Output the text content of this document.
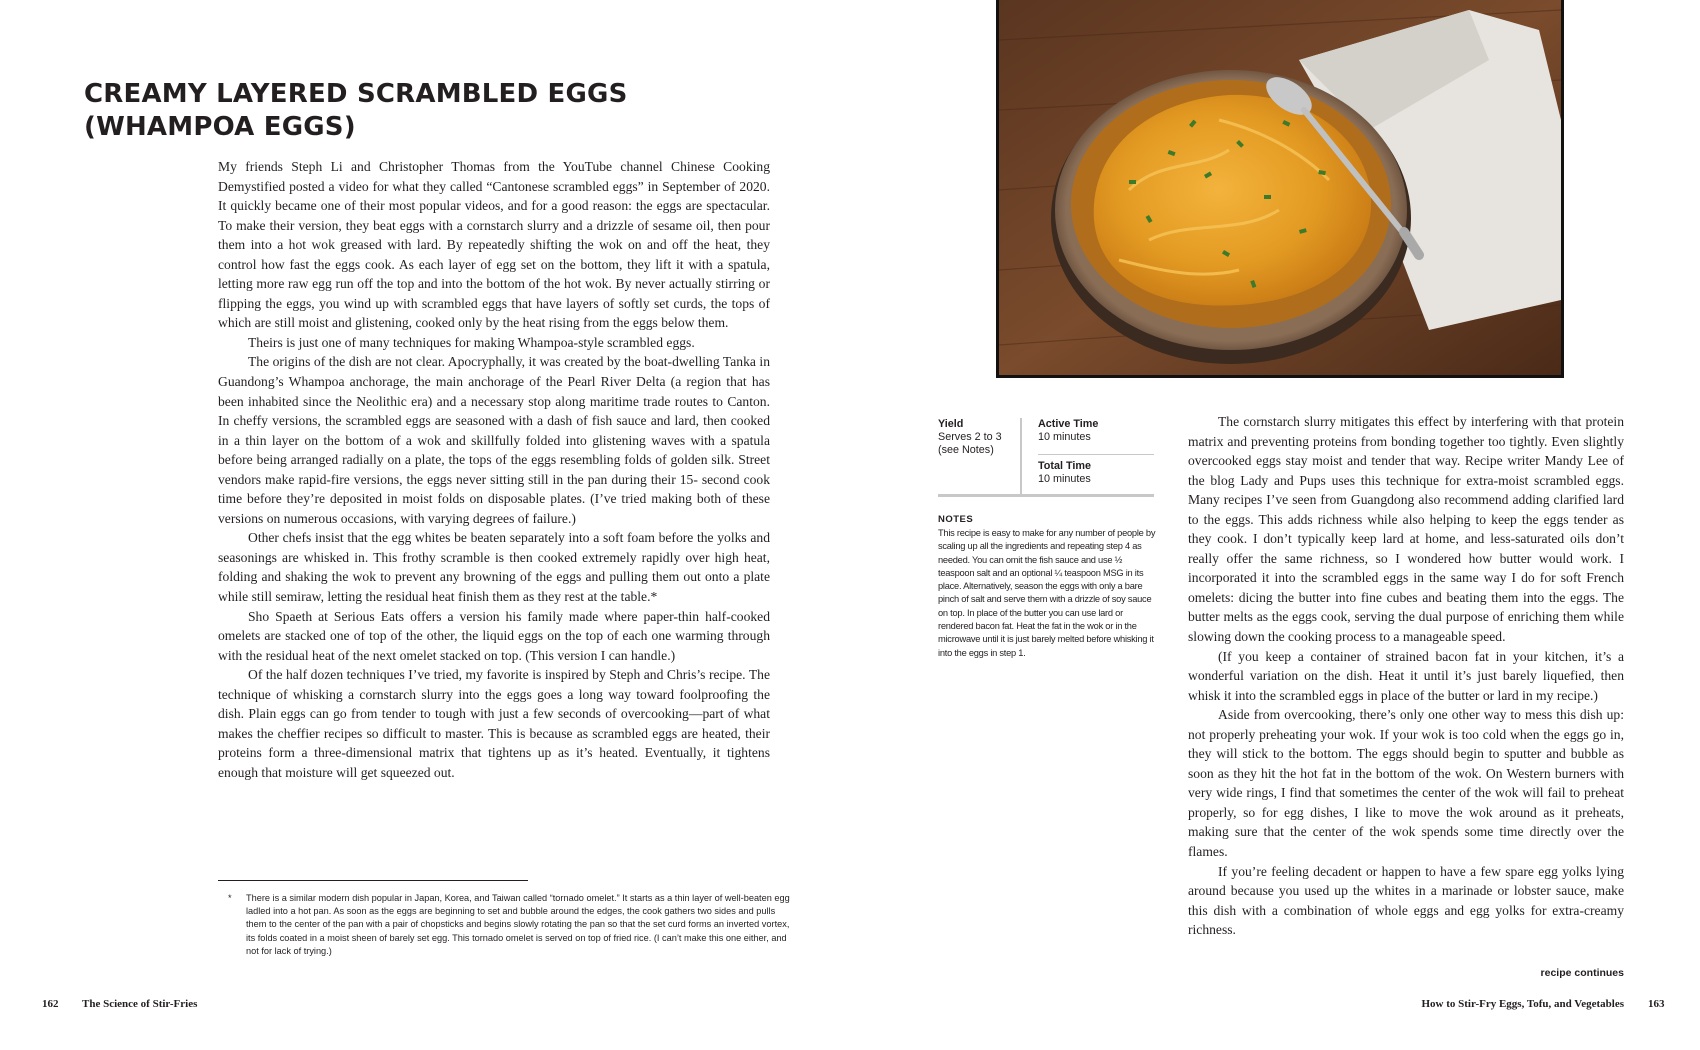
CREAMY LAYERED SCRAMBLED EGGS (WHAMPOA EGGS)

My friends Steph Li and Christopher Thomas from the YouTube channel Chinese Cooking Demystified posted a video for what they called “Cantonese scrambled eggs” in September of 2020. It quickly became one of their most popular videos, and for a good reason: the eggs are spectacular. To make their version, they beat eggs with a cornstarch slurry and a drizzle of sesame oil, then pour them into a hot wok greased with lard. By repeatedly shifting the wok on and off the heat, they control how fast the eggs cook. As each layer of egg set on the bottom, they lift it with a spatula, letting more raw egg run off the top and into the bottom of the hot wok. By never actually stirring or flipping the eggs, you wind up with scrambled eggs that have layers of softly set curds, the tops of which are still moist and glistening, cooked only by the heat rising from the eggs below them.

Theirs is just one of many techniques for making Whampoa-style scrambled eggs.

The origins of the dish are not clear. Apocryphally, it was created by the boat-dwelling Tanka in Guandong’s Whampoa anchorage, the main anchorage of the Pearl River Delta (a region that has been inhabited since the Neolithic era) and a necessary stop along maritime trade routes to Canton. In cheffy versions, the scrambled eggs are seasoned with a dash of fish sauce and lard, then cooked in a thin layer on the bottom of a wok and skillfully folded into glistening waves with a spatula before being arranged radially on a plate, the tops of the eggs resembling folds of golden silk. Street vendors make rapid-fire versions, the eggs never sitting still in the pan during their 15- second cook time before they’re deposited in moist folds on disposable plates. (I’ve tried making both of these versions on numerous occasions, with varying degrees of failure.)

Other chefs insist that the egg whites be beaten separately into a soft foam before the yolks and seasonings are whisked in. This frothy scramble is then cooked extremely rapidly over high heat, folding and shaking the wok to prevent any browning of the eggs and pulling them out onto a plate while still semiraw, letting the residual heat finish them as they rest at the table.*

Sho Spaeth at Serious Eats offers a version his family made where paper-thin half-cooked omelets are stacked one of top of the other, the liquid eggs on the top of each one warming through with the residual heat of the next omelet stacked on top. (This version I can handle.)

Of the half dozen techniques I’ve tried, my favorite is inspired by Steph and Chris’s recipe. The technique of whisking a cornstarch slurry into the eggs goes a long way toward foolproofing the dish. Plain eggs can go from tender to tough with just a few seconds of overcooking—part of what makes the cheffier recipes so difficult to master. This is because as scrambled eggs are heated, their proteins form a three-dimensional matrix that tightens up as it’s heated. Eventually, it tightens enough that moisture will get squeezed out.

* There is a similar modern dish popular in Japan, Korea, and Taiwan called “tornado omelet.” It starts as a thin layer of well-beaten egg ladled into a hot pan. As soon as the eggs are beginning to set and bubble around the edges, the cook gathers two sides and pulls them to the center of the pan with a pair of chopsticks and begins slowly rotating the pan so that the set curd forms an inverted vortex, its folds coated in a moist sheen of barely set egg. This tornado omelet is served on top of fried rice. (I can’t make this one either, and not for lack of trying.)

Yield
Serves 2 to 3 (see Notes)
Active Time
10 minutes
Total Time
10 minutes
NOTES

This recipe is easy to make for any number of people by scaling up all the ingredients and repeating step 4 as needed. You can omit the fish sauce and use ½ teaspoon salt and an optional ¼ teaspoon MSG in its place. Alternatively, season the eggs with only a bare pinch of salt and serve them with a drizzle of soy sauce on top. In place of the butter you can use lard or rendered bacon fat. Heat the fat in the wok or in the microwave until it is just barely melted before whisking it into the eggs in step 1.

The cornstarch slurry mitigates this effect by interfering with that protein matrix and preventing proteins from bonding together too tightly. Even slightly overcooked eggs stay moist and tender that way. Recipe writer Mandy Lee of the blog Lady and Pups uses this technique for extra-moist scrambled eggs. Many recipes I’ve seen from Guangdong also recommend adding clarified lard to the eggs. This adds richness while also helping to keep the eggs tender as they cook. I don’t typically keep lard at home, and less-saturated oils don’t really offer the same richness, so I wondered how butter would work. I incorporated it into the scrambled eggs in the same way I do for soft French omelets: dicing the butter into fine cubes and beating them into the eggs. The butter melts as the eggs cook, serving the dual purpose of enriching them while slowing down the cooking process to a manageable speed.

(If you keep a container of strained bacon fat in your kitchen, it’s a wonderful variation on the dish. Heat it until it’s just barely liquefied, then whisk it into the scrambled eggs in place of the butter or lard in my recipe.)

Aside from overcooking, there’s only one other way to mess this dish up: not properly preheating your wok. If your wok is too cold when the eggs go in, they will stick to the bottom. The eggs should begin to sputter and bubble as soon as they hit the hot fat in the bottom of the wok. On Western burners with very wide rings, I find that sometimes the center of the wok will fail to preheat properly, so for egg dishes, I like to move the wok around as it preheats, making sure that the center of the wok spends some time directly over the flames.

If you’re feeling decadent or happen to have a few spare egg yolks lying around because you used up the whites in a marinade or lobster sauce, make this dish with a combination of whole eggs and egg yolks for extra-creamy richness.

recipe continues
162 The Science of Stir-Fries	How to Stir-Fry Eggs, Tofu, and Vegetables 163
